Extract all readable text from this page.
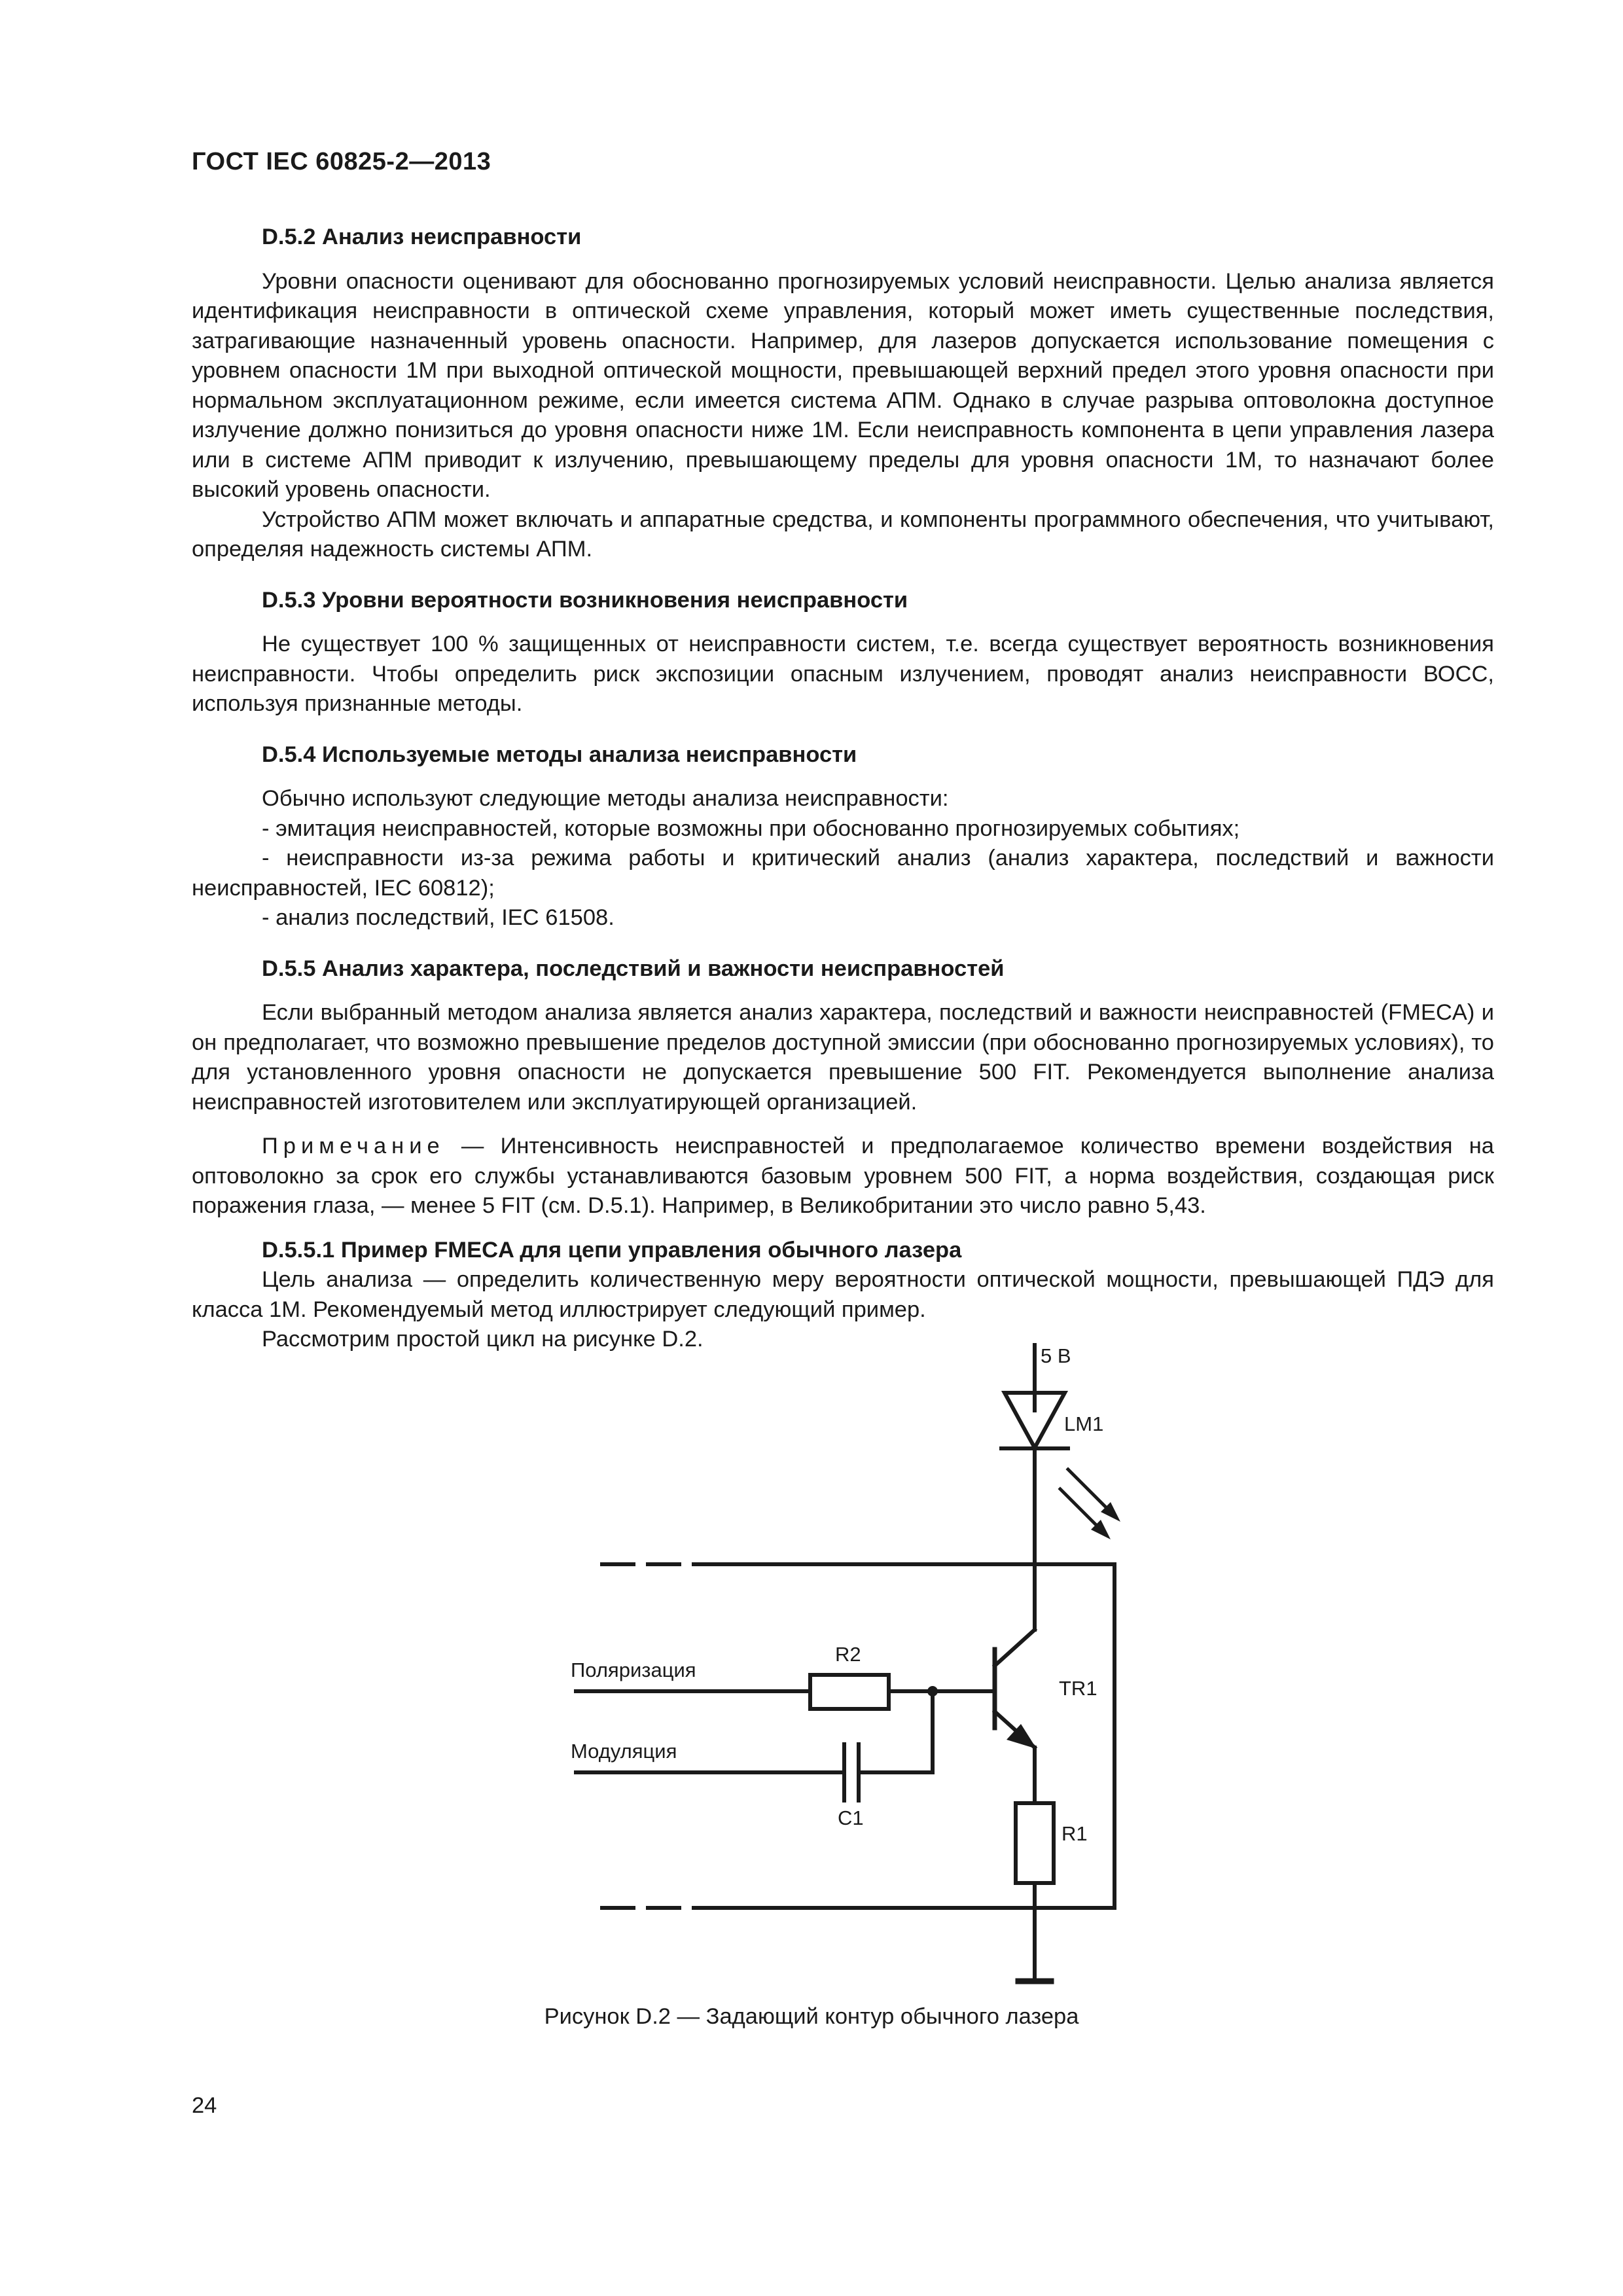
ГОСТ IEC 60825-2—2013
D.5.2 Анализ неисправности

Уровни опасности оценивают для обоснованно прогнозируемых условий неисправности. Целью анализа является идентификация неисправности в оптической схеме управления, который может иметь существенные последствия, затрагивающие назначенный уровень опасности. Например, для лазеров допускается использование помещения с уровнем опасности 1М при выходной оптической мощности, превышающей верхний предел этого уровня опасности при нормальном эксплуатационном режиме, если имеется система АПМ. Однако в случае разрыва оптоволокна доступное излучение должно понизиться до уровня опасности ниже 1М. Если неисправность компонента в цепи управления лазера или в системе АПМ приводит к излучению, превышающему пределы для уровня опасности 1М, то назначают более высокий уровень опасности.

Устройство АПМ может включать и аппаратные средства, и компоненты программного обеспечения, что учитывают, определяя надежность системы АПМ.

D.5.3 Уровни вероятности возникновения неисправности

Не существует 100 % защищенных от неисправности систем, т.е. всегда существует вероятность возникновения неисправности. Чтобы определить риск экспозиции опасным излучением, проводят анализ неисправности ВОСС, используя признанные методы.

D.5.4 Используемые методы анализа неисправности

Обычно используют следующие методы анализа неисправности:

- эмитация неисправностей, которые возможны при обоснованно прогнозируемых событиях;

- неисправности из-за режима работы и критический анализ (анализ характера, последствий и важности неисправностей, IEC 60812);

- анализ последствий, IEC 61508.

D.5.5 Анализ характера, последствий и важности неисправностей

Если выбранный методом анализа является анализ характера, последствий и важности неисправностей (FMECA) и он предполагает, что возможно превышение пределов доступной эмиссии (при обоснованно прогнозируемых условиях), то для установленного уровня опасности не допускается превышение 500 FIT. Рекомендуется выполнение анализа неисправностей изготовителем или эксплуатирующей организацией.

Примечание — Интенсивность неисправностей и предполагаемое количество времени воздействия на оптоволокно за срок его службы устанавливаются базовым уровнем 500 FIT, а норма воздействия, создающая риск поражения глаза, — менее 5 FIT (см. D.5.1). Например, в Великобритании это число равно 5,43.

D.5.5.1 Пример FMECA для цепи управления обычного лазера

Цель анализа — определить количественную меру вероятности оптической мощности, превышающей ПДЭ для класса 1М. Рекомендуемый метод иллюстрирует следующий пример.

Рассмотрим простой цикл на рисунке D.2.

5 В
LM1
R2
TR1
C1
R1
Поляризация
Модуляция
Рисунок D.2 — Задающий контур обычного лазера
24
